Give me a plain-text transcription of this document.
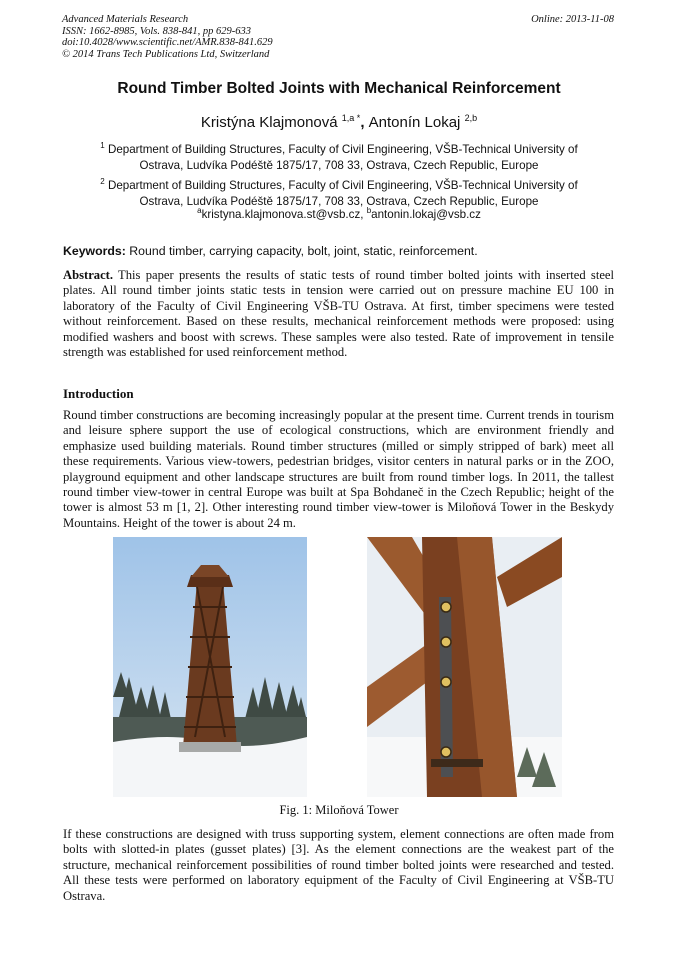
Advanced Materials Research
ISSN: 1662-8985, Vols. 838-841, pp 629-633
doi:10.4028/www.scientific.net/AMR.838-841.629
© 2014 Trans Tech Publications Ltd, Switzerland
Online: 2013-11-08
Round Timber Bolted Joints with Mechanical Reinforcement
Kristýna Klajmonová $^{1,a *}$, Antonín Lokaj $^{2,b}$
$^1$ Department of Building Structures, Faculty of Civil Engineering, VŠB-Technical University of
Ostrava, Ludvíka Podéště 1875/17, 708 33, Ostrava, Czech Republic, Europe
$^2$ Department of Building Structures, Faculty of Civil Engineering, VŠB-Technical University of
Ostrava, Ludvíka Podéště 1875/17, 708 33, Ostrava, Czech Republic, Europe
$^a$kristyna.klajmonova.st@vsb.cz, $^b$antonin.lokaj@vsb.cz
Keywords: Round timber, carrying capacity, bolt, joint, static, reinforcement.
Abstract. This paper presents the results of static tests of round timber bolted joints with inserted steel plates. All round timber joints static tests in tension were carried out on pressure machine EU 100 in laboratory of the Faculty of Civil Engineering VŠB-TU Ostrava. At first, timber specimens were tested without reinforcement. Based on these results, mechanical reinforcement methods were proposed: using modified washers and boost with screws. These samples were also tested. Rate of improvement in tensile strength was established for used reinforcement method.
Introduction
Round timber constructions are becoming increasingly popular at the present time. Current trends in tourism and leisure sphere support the use of ecological constructions, which are environment friendly and emphasize used building materials. Round timber structures (milled or simply stripped of bark) meet all these requirements. Various view-towers, pedestrian bridges, visitor centers in natural parks or in the ZOO, playground equipment and other landscape structures are built from round timber logs. In 2011, the tallest round timber view-tower in central Europe was built at Spa Bohdaneč in the Czech Republic; height of the tower is almost 53 m [1, 2]. Other interesting round timber view-tower is Miloňová Tower in the Beskydy Mountains. Height of the tower is about 24 m.
Fig. 1: Miloňová Tower
If these constructions are designed with truss supporting system, element connections are often made from bolts with slotted-in plates (gusset plates) [3]. As the element connections are the weakest part of the structure, mechanical reinforcement possibilities of round timber bolted joints were researched and tested. All these tests were performed on laboratory equipment of the Faculty of Civil Engineering at VŠB-TU Ostrava.
